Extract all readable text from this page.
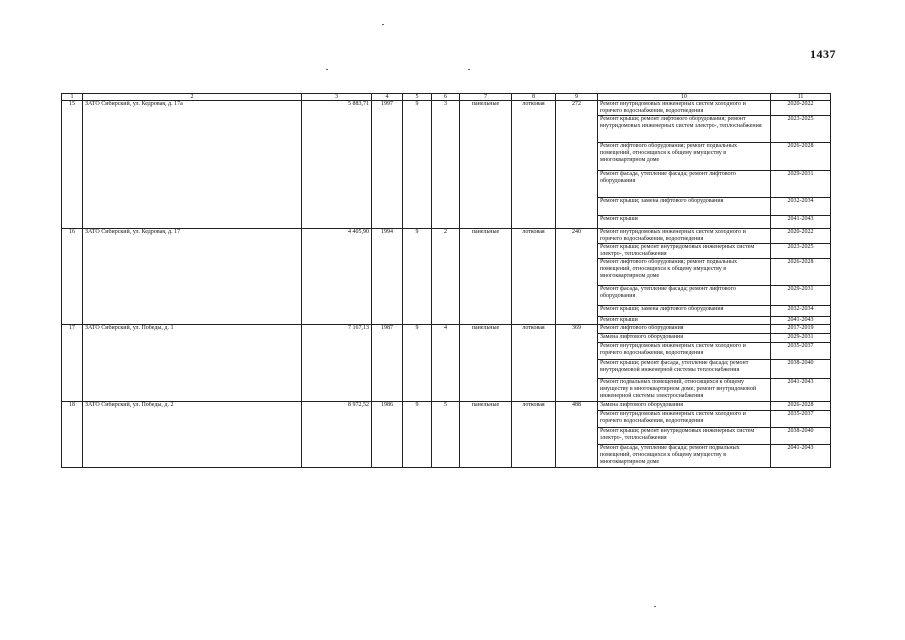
1437
1	2	3	4	5	6	7	8	9	10	11
15	ЗАТО Сибирский, ул. Кедровая, д. 17а	5 883,71	1997	9	3	панельные	лотковая	272	Ремонт внутридомовых инженерных систем холодного и горячего водоснабжения, водоотведения	2020-2022
									Ремонт крыши; ремонт лифтового оборудования; ремонт внутридомовых инженерных систем электро-, теплоснабжения	2023-2025
									Ремонт лифтового оборудования; ремонт подвальных помещений, относящихся к общему имуществу в многоквартирном доме	2026-2028
									Ремонт фасада, утепление фасада; ремонт лифтового оборудования	2029-2031
									Ремонт крыши; замена лифтового оборудования	2032-2034
									Ремонт крыши	2041-2043
16	ЗАТО Сибирский, ул. Кедровая, д. 17	4 405,90	1994	9	2	панельные	лотковая	240	Ремонт внутридомовых инженерных систем холодного и горячего водоснабжения, водоотведения	2020-2022
									Ремонт крыши; ремонт внутридомовых инженерных систем электро-, теплоснабжения	2023-2025
									Ремонт лифтового оборудования; ремонт подвальных помещений, относящихся к общему имуществу в многоквартирном доме	2026-2028
									Ремонт фасада, утепление фасада; ремонт лифтового оборудования	2029-2031
									Ремонт крыши; замена лифтового оборудования	2032-2034
									Ремонт крыши	2041-2043
17	ЗАТО Сибирский, ул. Победы, д. 1	7 167,13	1987	9	4	панельные	лотковая	369	Ремонт лифтового оборудования	2017-2019
									Замена лифтового оборудования	2029-2031
									Ремонт внутридомовых инженерных систем холодного и горячего водоснабжения, водоотведения	2035-2037
									Ремонт крыши; ремонт фасада, утепление фасада; ремонт внутридомовой инженерной системы теплоснабжения	2038-2040
									Ремонт подвальных помещений, относящихся к общему имуществу в многоквартирном доме; ремонт внутридомовой инженерной системы электроснабжения	2041-2043
18	ЗАТО Сибирский, ул. Победы, д. 2	8 972,52	1986	9	5	панельные	лотковая	488	Замена лифтового оборудования	2026-2028
									Ремонт внутридомовых инженерных систем холодного и горячего водоснабжения, водоотведения	2035-2037
									Ремонт крыши; ремонт внутридомовых инженерных систем электро-, теплоснабжения	2038-2040
									Ремонт фасада, утепление фасада; ремонт подвальных помещений, относящихся к общему имуществу в многоквартирном доме	2041-2043
